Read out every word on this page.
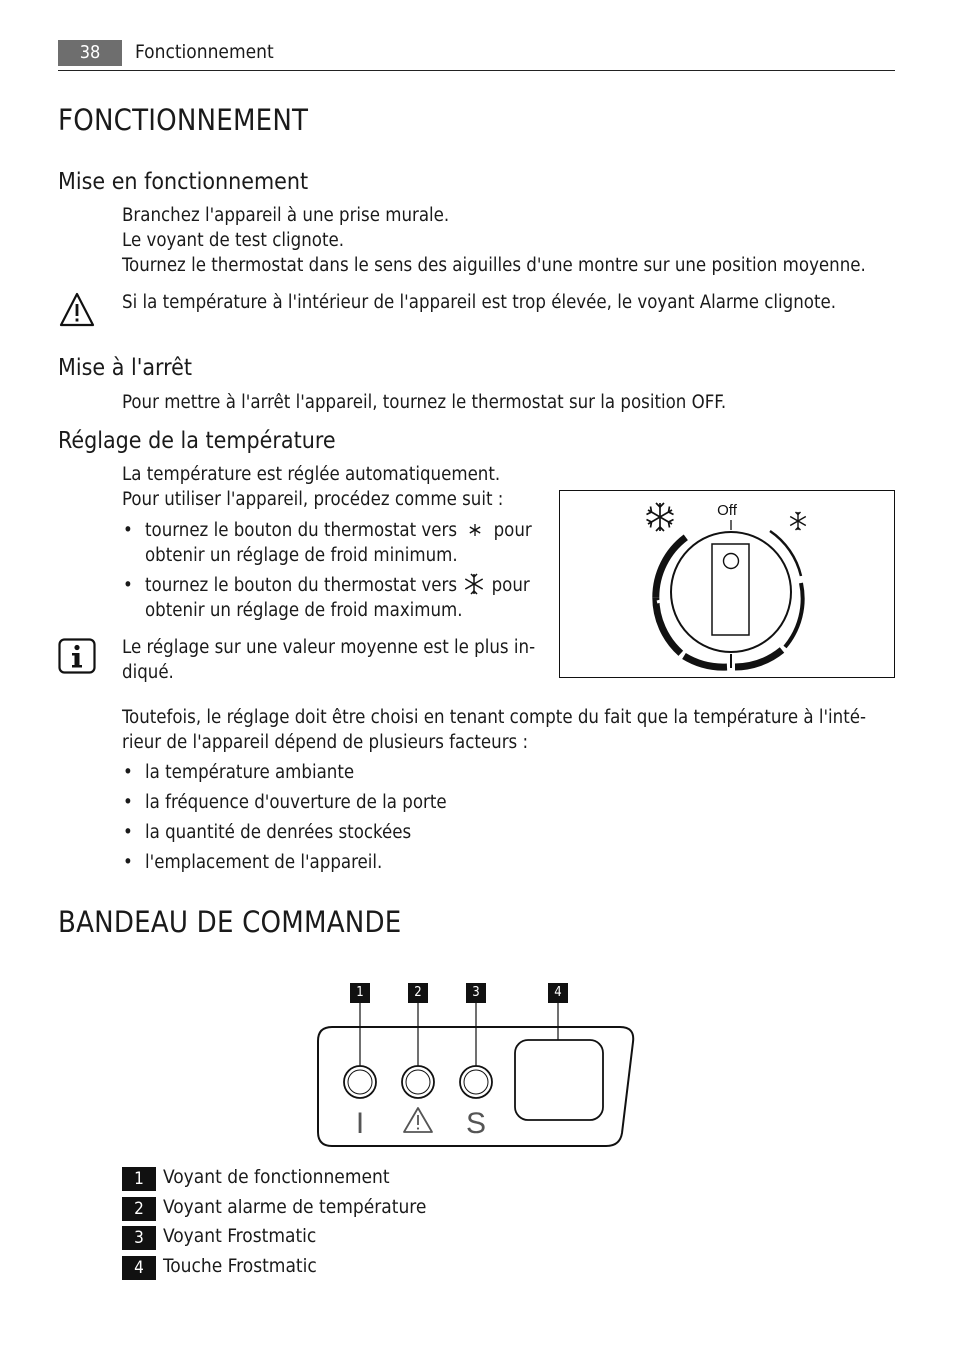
38	Fonctionnement
FONCTIONNEMENT
Mise en fonctionnement
Branchez l'appareil à une prise murale.
Le voyant de test clignote.
Tournez le thermostat dans le sens des aiguilles d'une montre sur une position moyenne.
Si la température à l'intérieur de l'appareil est trop élevée, le voyant Alarme clignote.
Mise à l'arrêt
Pour mettre à l'arrêt l'appareil, tournez le thermostat sur la position OFF.
Réglage de la température
La température est réglée automatiquement.
Pour utiliser l'appareil, procédez comme suit :
• tournez le bouton du thermostat vers pour
obtenir un réglage de froid minimum.
• tournez le bouton du thermostat vers pour
obtenir un réglage de froid maximum.
Le réglage sur une valeur moyenne est le plus in-
diqué.
Off
Toutefois, le réglage doit être choisi en tenant compte du fait que la température à l'inté-
rieur de l'appareil dépend de plusieurs facteurs :
• la température ambiante
• la fréquence d'ouverture de la porte
• la quantité de denrées stockées
• l'emplacement de l'appareil.
BANDEAU DE COMMANDE
1	2	3	4
I	S
1	Voyant de fonctionnement
2	Voyant alarme de température
3	Voyant Frostmatic
4	Touche Frostmatic
